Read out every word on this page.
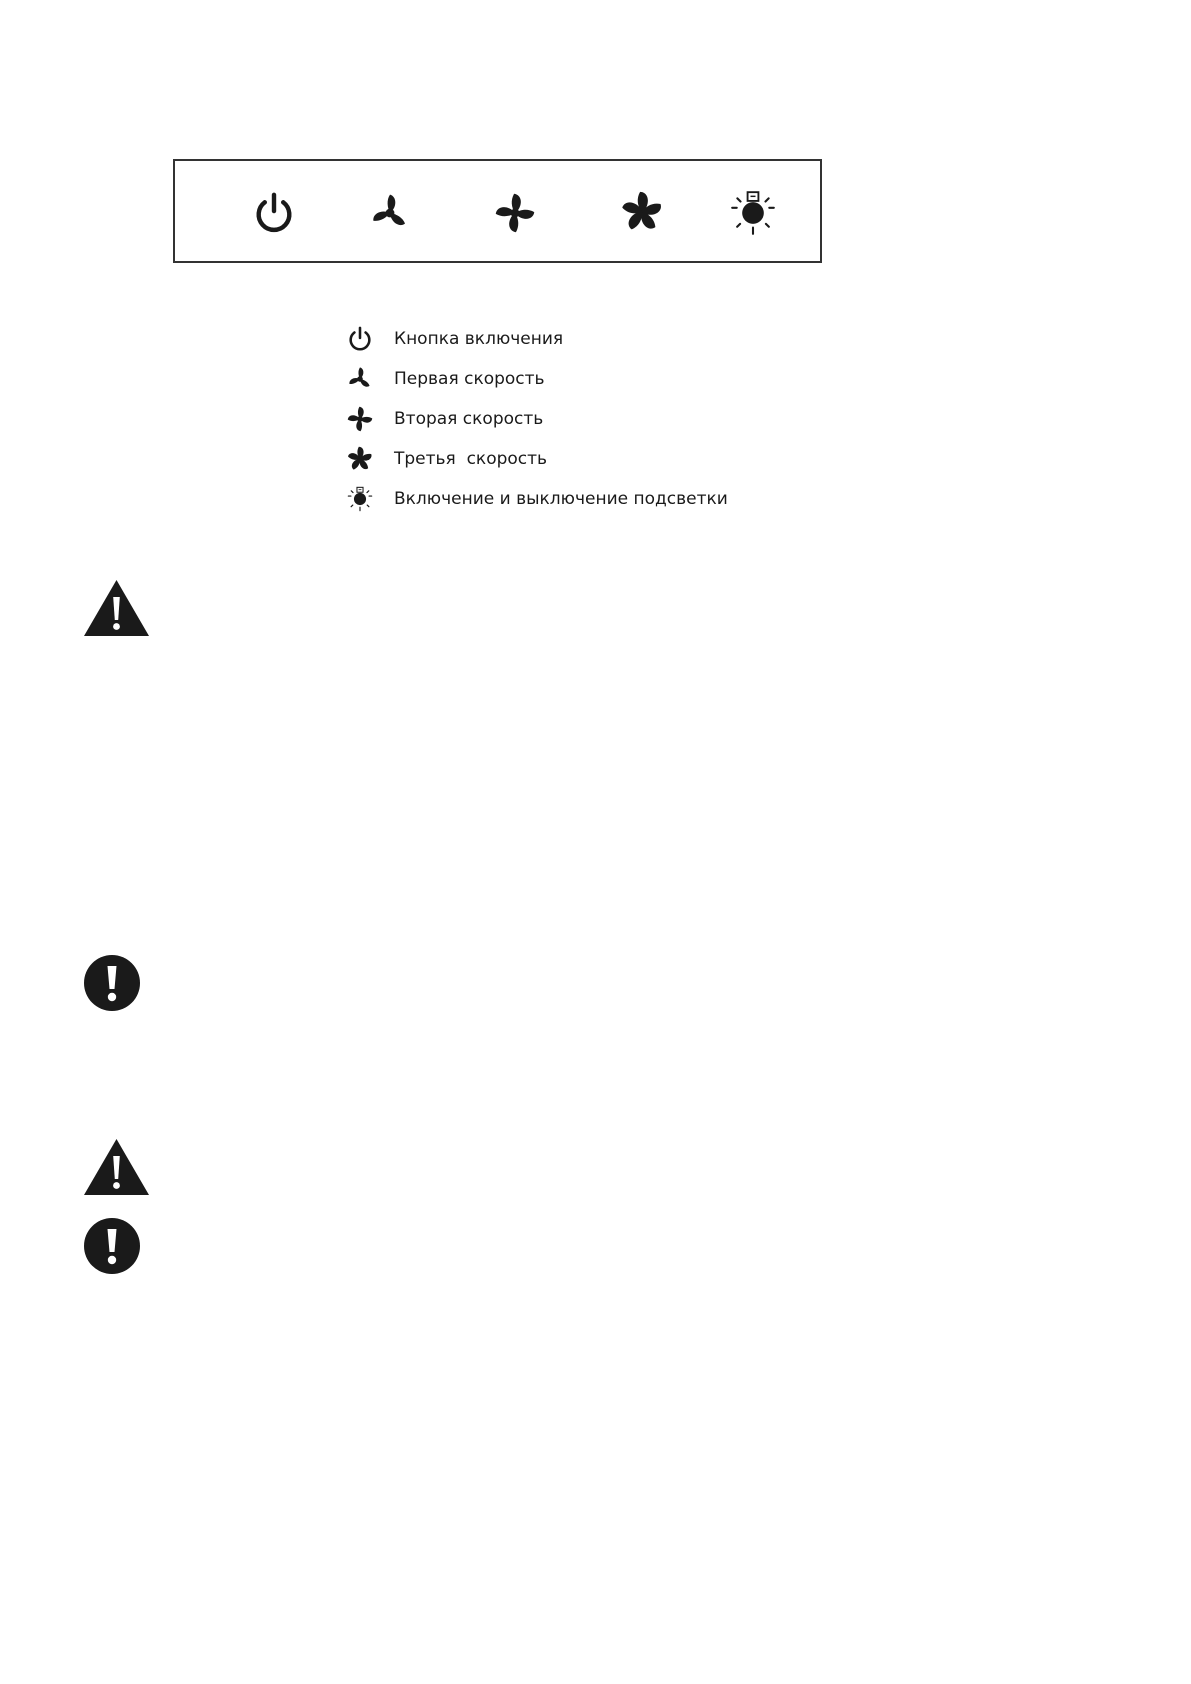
Кнопка включения
Первая скорость
Вторая скорость
Третья  скорость
Включение и выключение подсветки
